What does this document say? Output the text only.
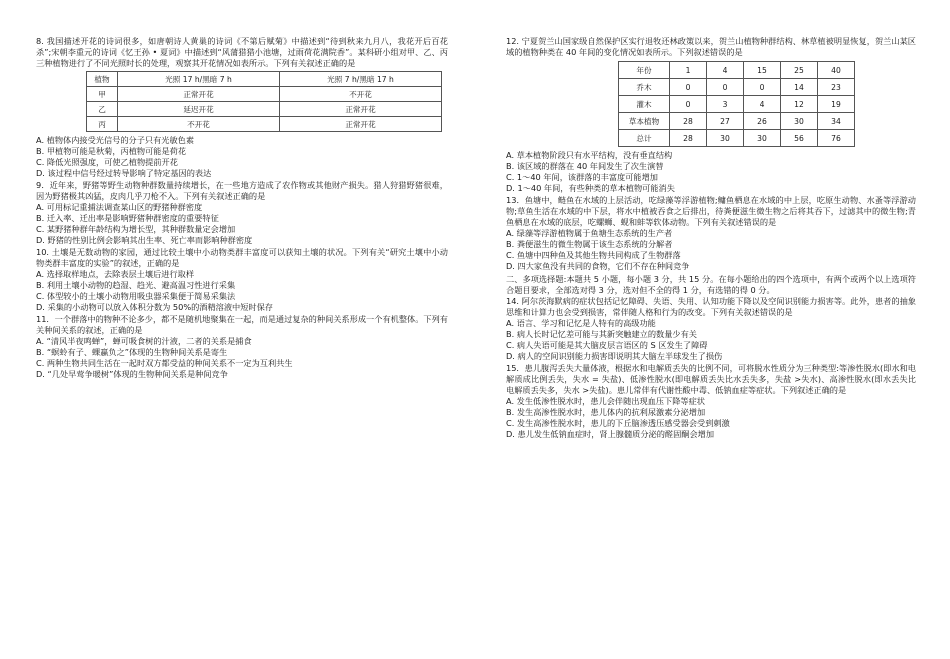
8. 我国描述开花的诗词很多，如唐朝诗人黄巢的诗词《不第后赋菊》中描述到“待到秋来九月八，我花开后百花杀”;宋朝李重元的诗词《忆王孙 • 夏词》中描述到“风蒲猎猎小池塘，过雨荷花满院香”。某科研小组对甲、乙、丙三种植物进行了不同光照时长的处理，观察其开花情况如表所示。下列有关叙述正确的是
植物	光照 17 h/黑暗 7 h	光照 7 h/黑暗 17 h
甲	正常开花	不开花
乙	延迟开花	正常开花
丙	不开花	正常开花
A. 植物体内接受光信号的分子只有光敏色素
B. 甲植物可能是秋菊，丙植物可能是荷花
C. 降低光照强度，可使乙植物提前开花
D. 该过程中信号经过转导影响了特定基因的表达
9．近年来，野猪等野生动物种群数量持续增长，在一些地方造成了农作物或其他财产损失。猎人狩猎野猪很难，因为野猪极其凶猛，皮肉几乎刀枪不入。下列有关叙述正确的是
A. 可用标记重捕法调查某山区的野猪种群密度
B. 迁入率、迁出率是影响野猪种群密度的重要特征
C. 某野猪种群年龄结构为增长型，其种群数量定会增加
D. 野猪的性别比例会影响其出生率、死亡率而影响种群密度
10. 土壤是无数动物的家园，通过比较土壤中小动物类群丰富度可以获知土壤的状况。下列有关“研究土壤中小动物类群丰富度的实验”的叙述，正确的是
A. 选择取样地点，去除表层土壤后进行取样
B. 利用土壤小动物的趋湿、趋光、避高温习性进行采集
C. 体型较小的土壤小动物用吸虫器采集便于简易采集法
D. 采集的小动物可以放入体积分数为 50%的酒精溶液中短时保存
11．一个群落中的物种不论多少，都不是随机地聚集在一起，而是通过复杂的种间关系形成一个有机整体。下列有关种间关系的叙述，正确的是
A. “清风半夜鸣蝉”，蝉可吸食树的汁液，二者的关系是捕食
B. “螟蛉有子、蜾蠃负之”体现的生物种间关系是寄生
C. 两种生物共同生活在一起时双方都受益的种间关系不一定为互利共生
D. “几处早莺争暖树”体现的生物种间关系是种间竞争
12. 宁夏贺兰山国家级自然保护区实行退牧还林政策以来，贺兰山植物种群结构、林草植被明显恢复，贺兰山某区域的植物种类在 40 年间的变化情况如表所示。下列叙述错误的是
年份	1	4	15	25	40
乔木	0	0	0	14	23
灌木	0	3	4	12	19
草本植物	28	27	26	30	34
总计	28	30	30	56	76
A. 草本植物阶段只有水平结构，没有垂直结构
B. 该区域的群落在 40 年间发生了次生演替
C. 1～40 年间，该群落的丰富度可能增加
D. 1～40 年间，有些种类的草本植物可能消失
13．鱼塘中，鲢鱼在水域的上层活动，吃绿藻等浮游植物;鳙鱼栖息在水域的中上层，吃原生动物、水蚤等浮游动物;草鱼生活在水域的中下层，将水中植被吞食之后排出，待粪便滋生微生物之后将其吞下，过滤其中的微生物;青鱼栖息在水域的底层，吃螺蛳、蚬和蚌等软体动物。下列有关叙述错误的是
A. 绿藻等浮游植物属于鱼塘生态系统的生产者
B. 粪便滋生的微生物属于该生态系统的分解者
C. 鱼塘中四种鱼及其他生物共同构成了生物群落
D. 四大家鱼没有共同的食物，它们不存在种间竞争
二、多项选择题:本题共 5 小题，每小题 3 分，共 15 分。在每小题给出的四个选项中，有两个或两个以上选项符合题目要求，全部选对得 3 分，选对但不全的得 1 分，有选错的得 0 分。
14. 阿尔茨海默病的症状包括记忆障碍、失语、失用、认知功能下降以及空间识别能力损害等。此外，患者的抽象思维和计算力也会受到损害，常伴随人格和行为的改变。下列有关叙述错误的是
A. 语言、学习和记忆是人特有的高级功能
B. 病人长时记忆差可能与其新突触建立的数量少有关
C. 病人失语可能是其大脑皮层言语区的 S 区发生了障碍
D. 病人的空间识别能力损害即说明其大脑左半球发生了损伤
15．患儿腹泻丢失大量体液，根据水和电解质丢失的比例不同，可将脱水性质分为三种类型:等渗性脱水(即水和电解质成比例丢失，失水 = 失盐)、低渗性脱水(即电解质丢失比水丢失多，失盐 >失水)、高渗性脱水(即水丢失比电解质丢失多，失水 >失盐)。患儿常伴有代谢性酸中毒、低钠血症等症状。下列叙述正确的是
A. 发生低渗性脱水时，患儿会伴随出现血压下降等症状
B. 发生高渗性脱水时，患儿体内的抗利尿激素分泌增加
C. 发生高渗性脱水时，患儿的下丘脑渗透压感受器会受到刺激
D. 患儿发生低钠血症时，肾上腺髓质分泌的醛固酮会增加
